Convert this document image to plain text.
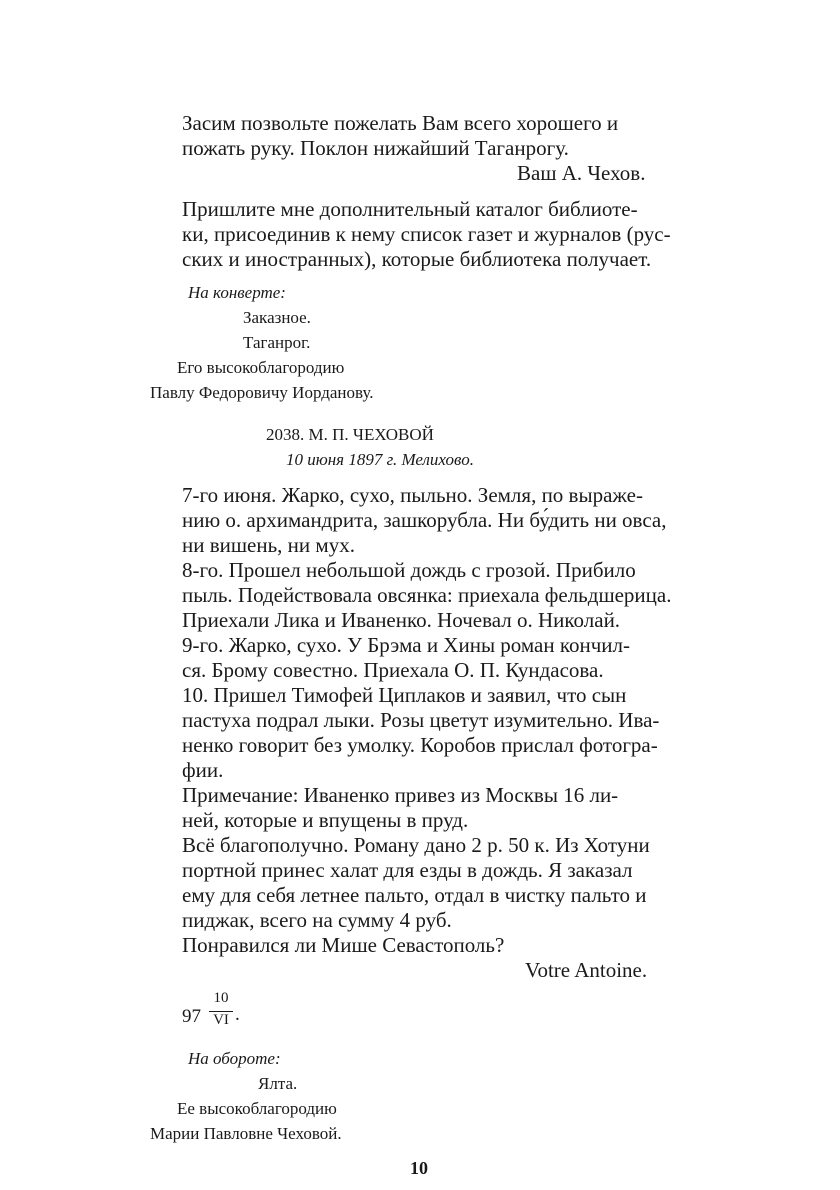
Засим позвольте пожелать Вам всего хорошего и
пожать руку. Поклон нижайший Таганрогу.
Ваш А. Чехов.
Пришлите мне дополнительный каталог библиоте-
ки, присоединив к нему список газет и журналов (рус-
ских и иностранных), которые библиотека получает.
На конверте:
Заказное.
Таганрог.
Его высокоблагородию
Павлу Федоровичу Иорданову.
2038. М. П. ЧЕХОВОЙ
10 июня 1897 г. Мелихово.
7-го июня. Жарко, сухо, пыльно. Земля, по выраже-
нию о. архимандрита, зашкорубла. Ни бу́дить ни овса,
ни вишень, ни мух.
8-го. Прошел небольшой дождь с грозой. Прибило
пыль. Подействовала овсянка: приехала фельдшерица.
Приехали Лика и Иваненко. Ночевал о. Николай.
9-го. Жарко, сухо. У Брэма и Хины роман кончил-
ся. Брому совестно. Приехала О. П. Кундасова.
10. Пришел Тимофей Циплаков и заявил, что сын
пастуха подрал лыки. Розы цветут изумительно. Ива-
ненко говорит без умолку. Коробов прислал фотогра-
фии.
Примечание: Иваненко привез из Москвы 16 ли-
ней, которые и впущены в пруд.
Всё благополучно. Роману дано 2 р. 50 к. Из Хотуни
портной принес халат для езды в дождь. Я заказал
ему для себя летнее пальто, отдал в чистку пальто и
пиджак, всего на сумму 4 руб.
Понравился ли Мише Севастополь?
Votre Antoine.
97
10
VI .
На обороте:
Ялта.
Ее высокоблагородию
Марии Павловне Чеховой.
10
